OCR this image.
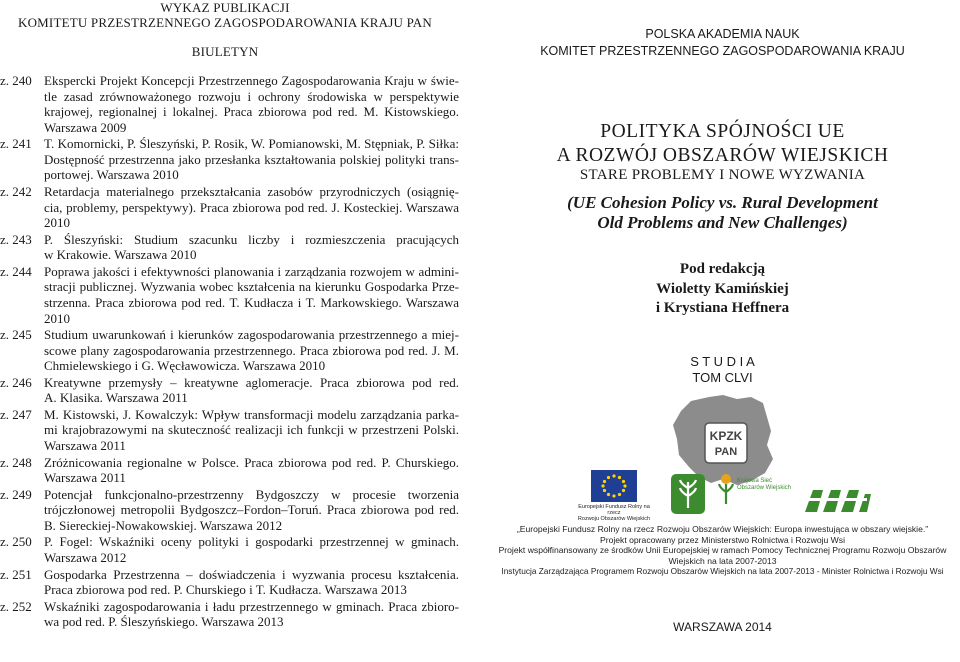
WYKAZ PUBLIKACJI
KOMITETU PRZESTRZENNEGO ZAGOSPODAROWANIA KRAJU PAN
BIULETYN
z. 240 Ekspercki Projekt Koncepcji Przestrzennego Zagospodarowania Kraju w świe-
tle zasad zrównoważonego rozwoju i ochrony środowiska w perspektywie
krajowej, regionalnej i lokalnej. Praca zbiorowa pod red. M. Kistowskiego.
Warszawa 2009
z. 241 T. Komornicki, P. Śleszyński, P. Rosik, W. Pomianowski, M. Stępniak, P. Siłka:
Dostępność przestrzenna jako przesłanka kształtowania polskiej polityki trans-
portowej. Warszawa 2010
z. 242 Retardacja materialnego przekształcania zasobów przyrodniczych (osiągnię-
cia, problemy, perspektywy). Praca zbiorowa pod red. J. Kosteckiej. Warszawa
2010
z. 243 P. Śleszyński: Studium szacunku liczby i rozmieszczenia pracujących
w Krakowie. Warszawa 2010
z. 244 Poprawa jakości i efektywności planowania i zarządzania rozwojem w admini-
stracji publicznej. Wyzwania wobec kształcenia na kierunku Gospodarka Prze-
strzenna. Praca zbiorowa pod red. T. Kudłacza i T. Markowskiego. Warszawa
2010
z. 245 Studium uwarunkowań i kierunków zagospodarowania przestrzennego a miej-
scowe plany zagospodarowania przestrzennego. Praca zbiorowa pod red. J. M.
Chmielewskiego i G. Węcławowicza. Warszawa 2010
z. 246 Kreatywne przemysły – kreatywne aglomeracje. Praca zbiorowa pod red.
A. Klasika. Warszawa 2011
z. 247 M. Kistowski, J. Kowalczyk: Wpływ transformacji modelu zarządzania parka-
mi krajobrazowymi na skuteczność realizacji ich funkcji w przestrzeni Polski.
Warszawa 2011
z. 248 Zróżnicowania regionalne w Polsce. Praca zbiorowa pod red. P. Churskiego.
Warszawa 2011
z. 249 Potencjał funkcjonalno-przestrzenny Bydgoszczy w procesie tworzenia
trójczłonowej metropolii Bydgoszcz–Fordon–Toruń. Praca zbiorowa pod red.
B. Siereckiej-Nowakowskiej. Warszawa 2012
z. 250 P. Fogel: Wskaźniki oceny polityki i gospodarki przestrzennej w gminach.
Warszawa 2012
z. 251 Gospodarka Przestrzenna – doświadczenia i wyzwania procesu kształcenia.
Praca zbiorowa pod red. P. Churskiego i T. Kudłacza. Warszawa 2013
z. 252 Wskaźniki zagospodarowania i ładu przestrzennego w gminach. Praca zbioro-
wa pod red. P. Śleszyńskiego. Warszawa 2013
POLSKA AKADEMIA NAUK
KOMITET PRZESTRZENNEGO ZAGOSPODAROWANIA KRAJU
POLITYKA SPÓJNOŚCI UE
A ROZWÓJ OBSZARÓW WIEJSKICH
STARE PROBLEMY I NOWE WYZWANIA
(UE Cohesion Policy vs. Rural Development
Old Problems and New Challenges)
Pod redakcją
Wioletty Kamińskiej
i Krystiana Heffnera
S T U D I A
TOM CLVI
KPZK
PAN
Europejski Fundusz Rolny na rzecz
Rozwoju Obszarów Wiejskich
Krajowa Sieć
Obszarów Wiejskich
„Europejski Fundusz Rolny na rzecz Rozwoju Obszarów Wiejskich: Europa inwestująca w obszary wiejskie.”
Projekt opracowany przez Ministerstwo Rolnictwa i Rozwoju Wsi
Projekt współfinansowany ze środków Unii Europejskiej w ramach Pomocy Technicznej Programu Rozwoju Obszarów
Wiejskich na lata 2007-2013
Instytucja Zarządzająca Programem Rozwoju Obszarów Wiejskich na lata 2007-2013 - Minister Rolnictwa i Rozwoju Wsi
WARSZAWA 2014
